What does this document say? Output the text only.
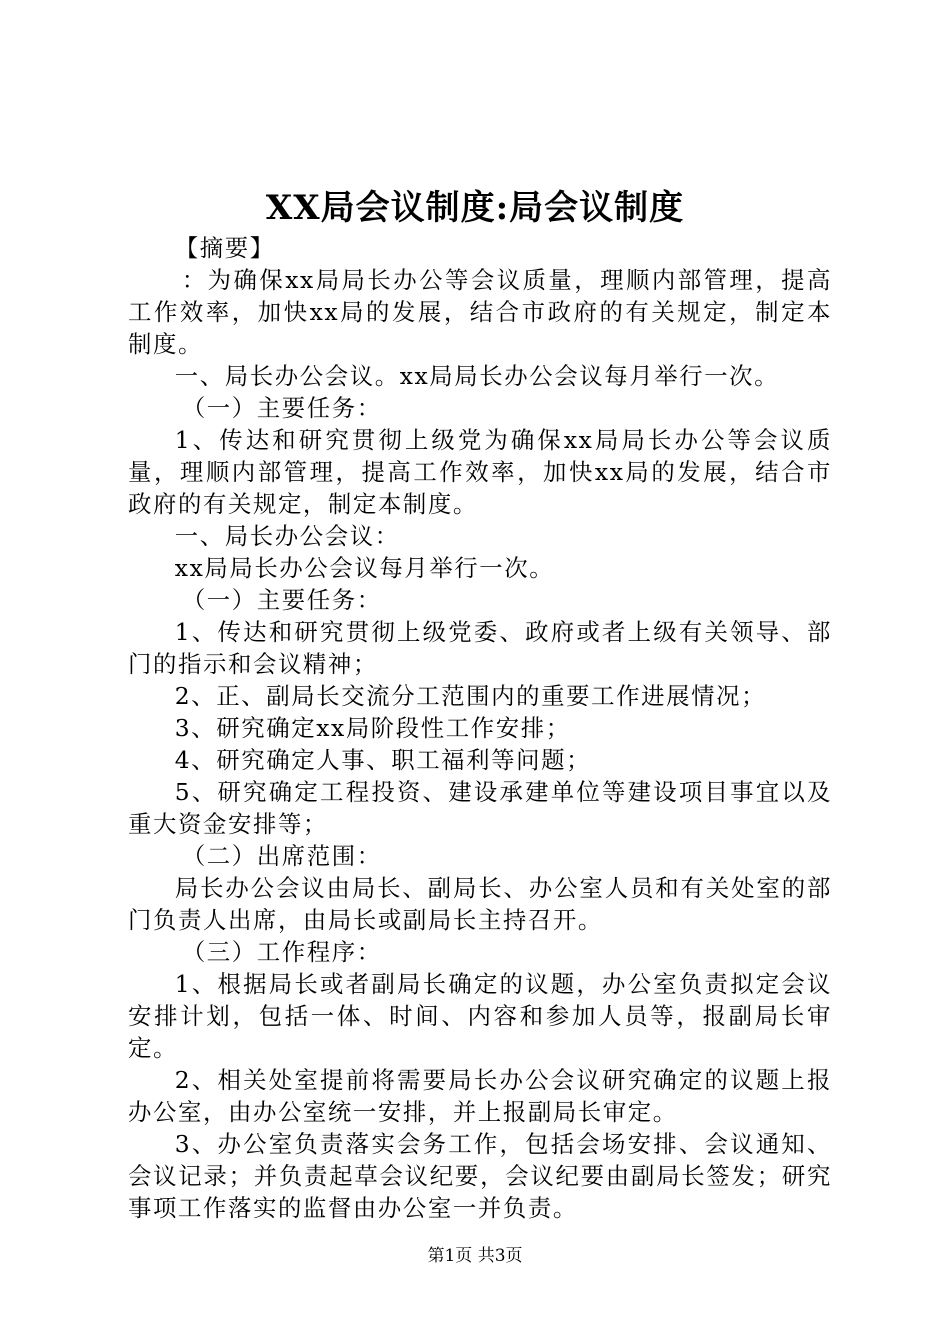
XX局会议制度:局会议制度

【摘要】

：为确保xx局局长办公等会议质量，理顺内部管理，提高工作效率，加快xx局的发展，结合市政府的有关规定，制定本制度。

一、局长办公会议。xx局局长办公会议每月举行一次。

（一）主要任务：

1、传达和研究贯彻上级党为确保xx局局长办公等会议质量，理顺内部管理，提高工作效率，加快xx局的发展，结合市政府的有关规定，制定本制度。

一、局长办公会议：

xx局局长办公会议每月举行一次。

（一）主要任务：

1、传达和研究贯彻上级党委、政府或者上级有关领导、部门的指示和会议精神；

2、正、副局长交流分工范围内的重要工作进展情况；

3、研究确定xx局阶段性工作安排；

4、研究确定人事、职工福利等问题；

5、研究确定工程投资、建设承建单位等建设项目事宜以及重大资金安排等；

（二）出席范围：

局长办公会议由局长、副局长、办公室人员和有关处室的部门负责人出席，由局长或副局长主持召开。

（三）工作程序：

1、根据局长或者副局长确定的议题，办公室负责拟定会议安排计划，包括一体、时间、内容和参加人员等，报副局长审定。

2、相关处室提前将需要局长办公会议研究确定的议题上报办公室，由办公室统一安排，并上报副局长审定。

3、办公室负责落实会务工作，包括会场安排、会议通知、会议记录；并负责起草会议纪要，会议纪要由副局长签发；研究事项工作落实的监督由办公室一并负责。

第1页 共3页
